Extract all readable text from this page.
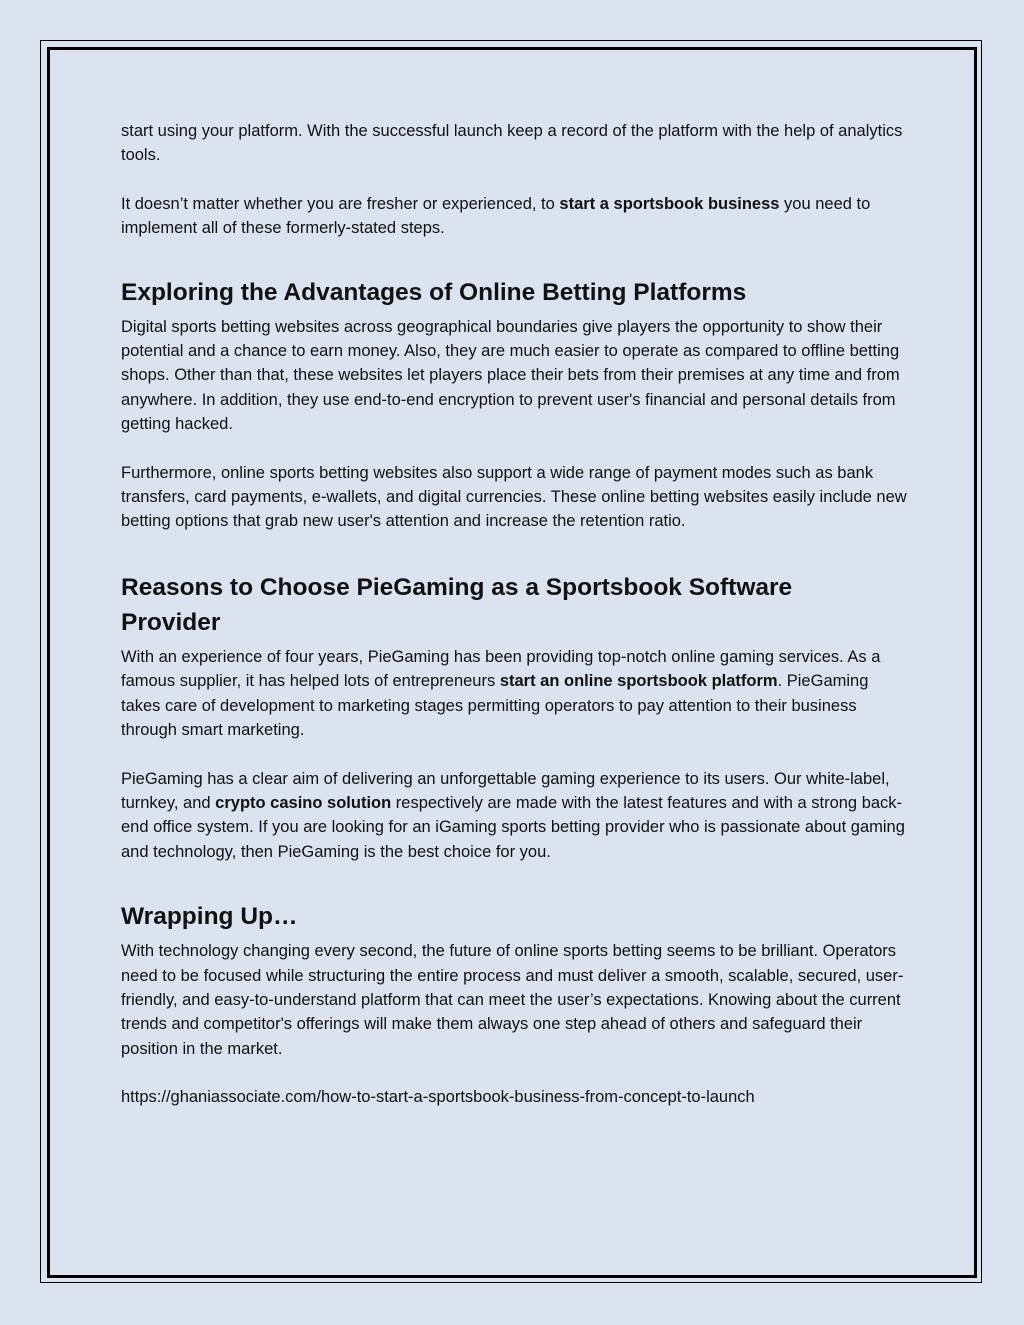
start using your platform. With the successful launch keep a record of the platform with the help of analytics tools.

It doesn’t matter whether you are fresher or experienced, to start a sportsbook business you need to implement all of these formerly-stated steps.

Exploring the Advantages of Online Betting Platforms

Digital sports betting websites across geographical boundaries give players the opportunity to show their potential and a chance to earn money. Also, they are much easier to operate as compared to offline betting shops. Other than that, these websites let players place their bets from their premises at any time and from anywhere. In addition, they use end-to-end encryption to prevent user's financial and personal details from getting hacked.

Furthermore, online sports betting websites also support a wide range of payment modes such as bank transfers, card payments, e-wallets, and digital currencies. These online betting websites easily include new betting options that grab new user's attention and increase the retention ratio.

Reasons to Choose PieGaming as a Sportsbook Software Provider

With an experience of four years, PieGaming has been providing top-notch online gaming services. As a famous supplier, it has helped lots of entrepreneurs start an online sportsbook platform. PieGaming takes care of development to marketing stages permitting operators to pay attention to their business through smart marketing.

PieGaming has a clear aim of delivering an unforgettable gaming experience to its users. Our white-label, turnkey, and crypto casino solution respectively are made with the latest features and with a strong back-end office system. If you are looking for an iGaming sports betting provider who is passionate about gaming and technology, then PieGaming is the best choice for you.

Wrapping Up…

With technology changing every second, the future of online sports betting seems to be brilliant. Operators need to be focused while structuring the entire process and must deliver a smooth, scalable, secured, user-friendly, and easy-to-understand platform that can meet the user’s expectations. Knowing about the current trends and competitor's offerings will make them always one step ahead of others and safeguard their position in the market.

https://ghaniassociate.com/how-to-start-a-sportsbook-business-from-concept-to-launch
